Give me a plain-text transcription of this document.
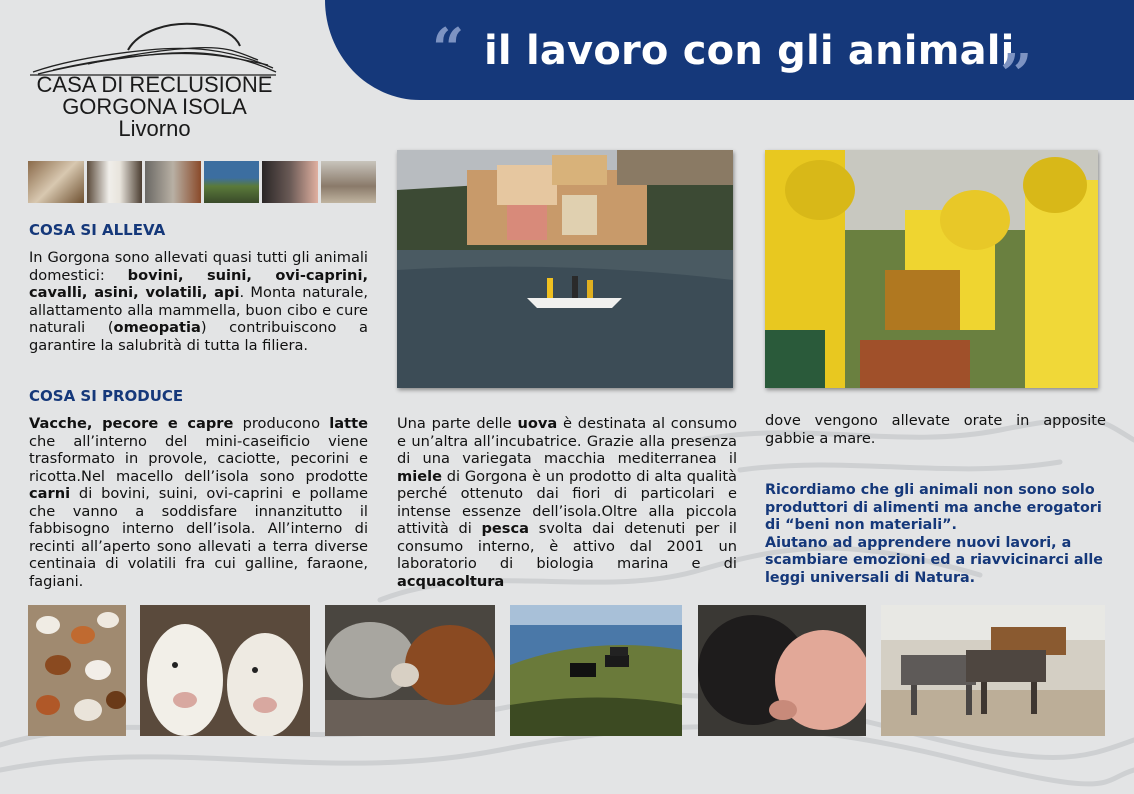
“ il lavoro con gli animali
”
CASA DI RECLUSIONE
GORGONA ISOLA
Livorno
COSA SI ALLEVA

In Gorgona sono allevati quasi tutti gli animali domestici: bovini, suini, ovi-caprini, cavalli, asini, volatili, api. Monta naturale, allattamento alla mammella, buon cibo e cure naturali (omeopatia) contribuiscono a garantire la salubrità di tutta la filiera.

COSA SI PRODUCE

Vacche, pecore e capre producono latte che all’interno del mini-caseificio viene trasformato in provole, caciotte, pecorini e ricotta.Nel macello dell’isola sono prodotte carni di bovini, suini, ovi-caprini e pollame che vanno a soddisfare innanzitutto il fabbisogno interno dell’isola. All’interno di recinti all’aperto sono allevati a terra diverse centinaia di volatili fra cui galline, faraone, fagiani.

Una parte delle uova è destinata al consumo e un’altra all’incubatrice. Grazie alla presenza di una variegata macchia mediterranea il miele di Gorgona è un prodotto di alta qualità perché ottenuto dai fiori di particolari e intense essenze dell’isola.Oltre alla piccola attività di pesca svolta dai detenuti per il consumo interno, è attivo dal 2001 un laboratorio di biologia marina e di acquacoltura

dove vengono allevate orate in apposite gabbie a mare.

Ricordiamo che gli animali non sono solo produttori di alimenti ma anche erogatori di “beni non materiali”.
Aiutano ad apprendere nuovi lavori, a scambiare emozioni ed a riavvicinarci alle leggi universali di Natura.
